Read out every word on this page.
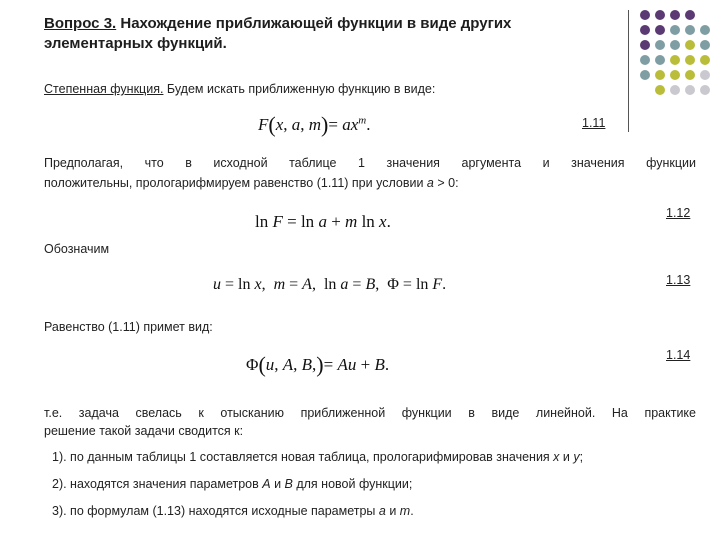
Вопрос 3. Нахождение приближающей функции в виде других
элементарных функций.
Степенная функция. Будем искать приближенную функцию в виде:
F(x, a, $m)= ax^m$.	1.11
Предполагая, что в исходной таблице 1 значения аргумента и значения функции
положительны, прологарифмируем равенство (1.11) при условии a > 0:
ln F = ln a + m ln x.	1.12
Обозначим
u = ln x,  m = A,  ln a = B,  Φ = ln F.	1.13
Равенство (1.11) примет вид:
Φ(u, A, B,)= Au + B.	1.14
т.е. задача свелась к отысканию приближенной функции в виде линейной. На практике
решение такой задачи сводится к:
1). по данным таблицы 1 составляется новая таблица, прологарифмировав значения x и y;
2). находятся значения параметров A и B для новой функции;
3). по формулам (1.13) находятся исходные параметры a и m.
